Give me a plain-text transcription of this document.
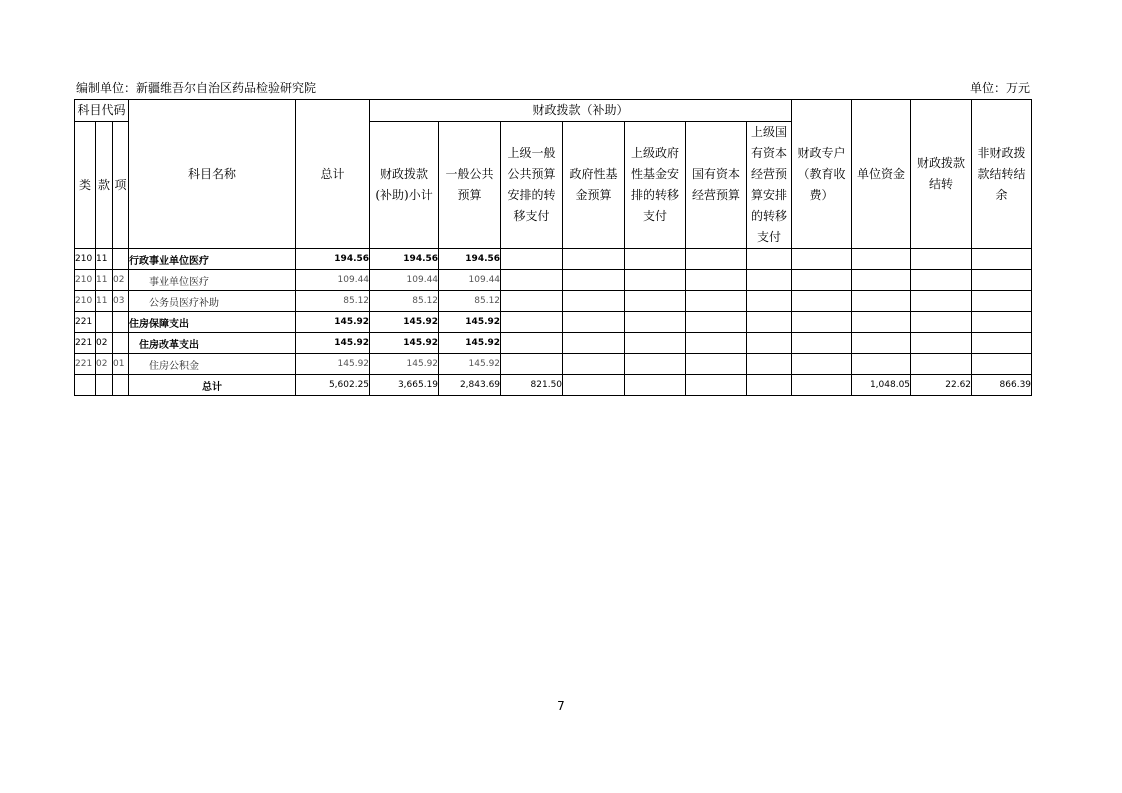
编制单位：新疆维吾尔自治区药品检验研究院	单位：万元
科目代码			科目名称	总计	财政拨款（补助）							财政专户（教育收费）	单位资金	财政拨款结转	非财政拨款结转结余
类	款	项			财政拨款(补助)小计	一般公共预算	上级一般公共预算安排的转移支付	政府性基金预算	上级政府性基金安排的转移支付	国有资本经营预算	上级国有资本经营预算安排的转移支付				
210	11		行政事业单位医疗	194.56	194.56	194.56									
210	11	02	事业单位医疗	109.44	109.44	109.44									
210	11	03	公务员医疗补助	85.12	85.12	85.12									
221			住房保障支出	145.92	145.92	145.92									
221	02		住房改革支出	145.92	145.92	145.92									
221	02	01	住房公积金	145.92	145.92	145.92									
			总计	5,602.25	3,665.19	2,843.69	821.50						1,048.05	22.62	866.39
7
